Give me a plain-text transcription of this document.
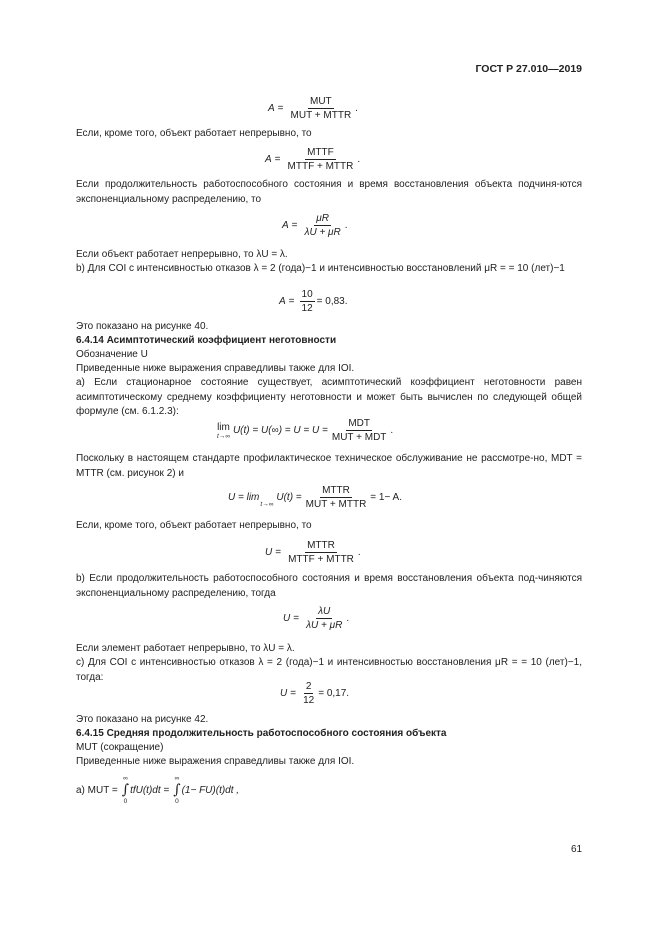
ГОСТ Р 27.010—2019
$A = \frac{\text{MUT}}{\text{MUT + MTTR}}$ .
Если, кроме того, объект работает непрерывно, то
$A = \frac{\text{MTTF}}{\text{MTTF + MTTR}}$ .
Если продолжительность работоспособного состояния и время восстановления объекта подчиня-ются экспоненциальному распределению, то
$A = \frac{\mu R}{\lambda U + \mu R}$ .
Если объект работает непрерывно, то λU = λ.
b) Для COI с интенсивностью отказов λ = 2 (года)−1 и интенсивностью восстановлений μR = = 10 (лет)−1
$A = \frac{10}{12} = 0,83$.
Это показано на рисунке 40.
6.4.14 Асимптотический коэффициент неготовности
Обозначение U
Приведенные ниже выражения справедливы также для IOI.
а) Если стационарное состояние существует, асимптотический коэффициент неготовности равен асимптотическому среднему коэффициенту неготовности и может быть вычислен по следующей общей формуле (см. 6.1.2.3):
lim
t→∞ $U(t) = U(\infty) = U = U = \frac{\text{MDT}}{\text{MUT + MDT}}$ .
Поскольку в настоящем стандарте профилактическое техническое обслуживание не рассмотре-но, MDT = MTTR (см. рисунок 2) и
U = lim
t→∞
$U(t) = \frac{\text{MTTR}}{\text{MUT + MTTR}} = 1- A$.
Если, кроме того, объект работает непрерывно, то
$U = \frac{\text{MTTR}}{\text{MTTF + MTTR}}$ .
b) Если продолжительность работоспособного состояния и время восстановления объекта под-чиняются экспоненциальному распределению, тогда
$U = \frac{\lambda U}{\lambda U + \mu R}$ .
Если элемент работает непрерывно, то λU = λ.
с) Для COI с интенсивностью отказов λ = 2 (года)−1 и интенсивностью восстановления μR = = 10 (лет)−1, тогда:
$U = \frac{2}{12} = 0,17$.
Это показано на рисунке 42.
6.4.15 Средняя продолжительность работоспособного состояния объекта
MUT (сокращение)
Приведенные ниже выражения справедливы также для IOI.
а) MUT =
∞
∫
0
tfU(t)dt =
∞
∫
0
(1− FU)(t)dt ,
61
